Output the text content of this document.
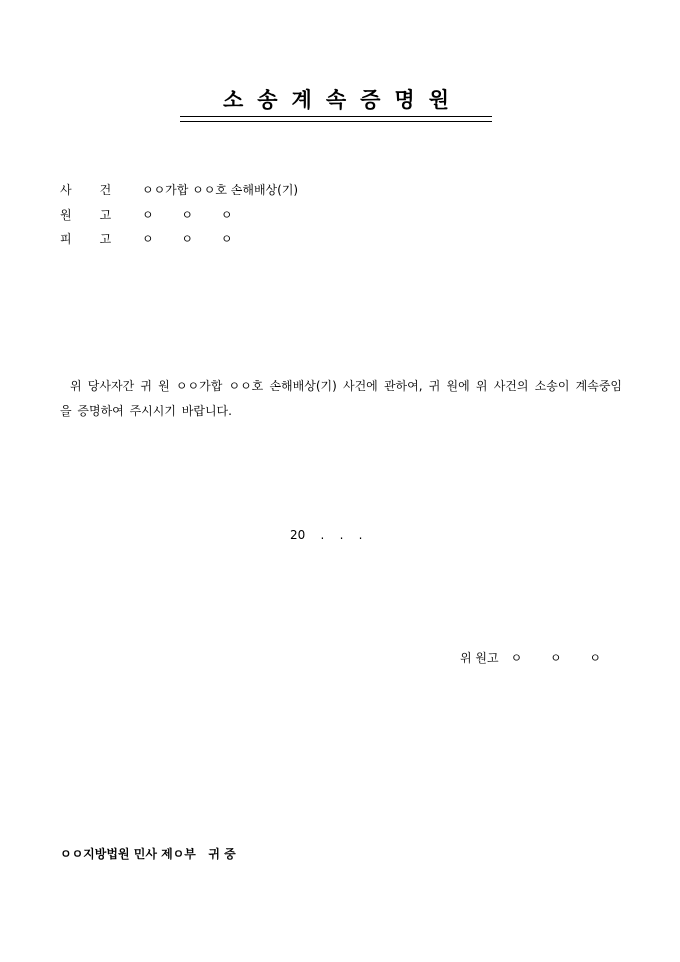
소송계속증명원
사건 ㅇㅇ가합 ㅇㅇ호 손해배상(기)
원고 ㅇ ㅇ ㅇ
피고 ㅇ ㅇ ㅇ
위 당사자간 귀 원 ㅇㅇ가합 ㅇㅇ호 손해배상(기) 사건에 관하여, 귀 원에 위 사건의 소송이 계속중임을 증명하여 주시시기 바랍니다.
20    .    .    .
위 원고 ㅇ ㅇ ㅇ
ㅇㅇ지방법원 민사 제ㅇ부   귀 중
